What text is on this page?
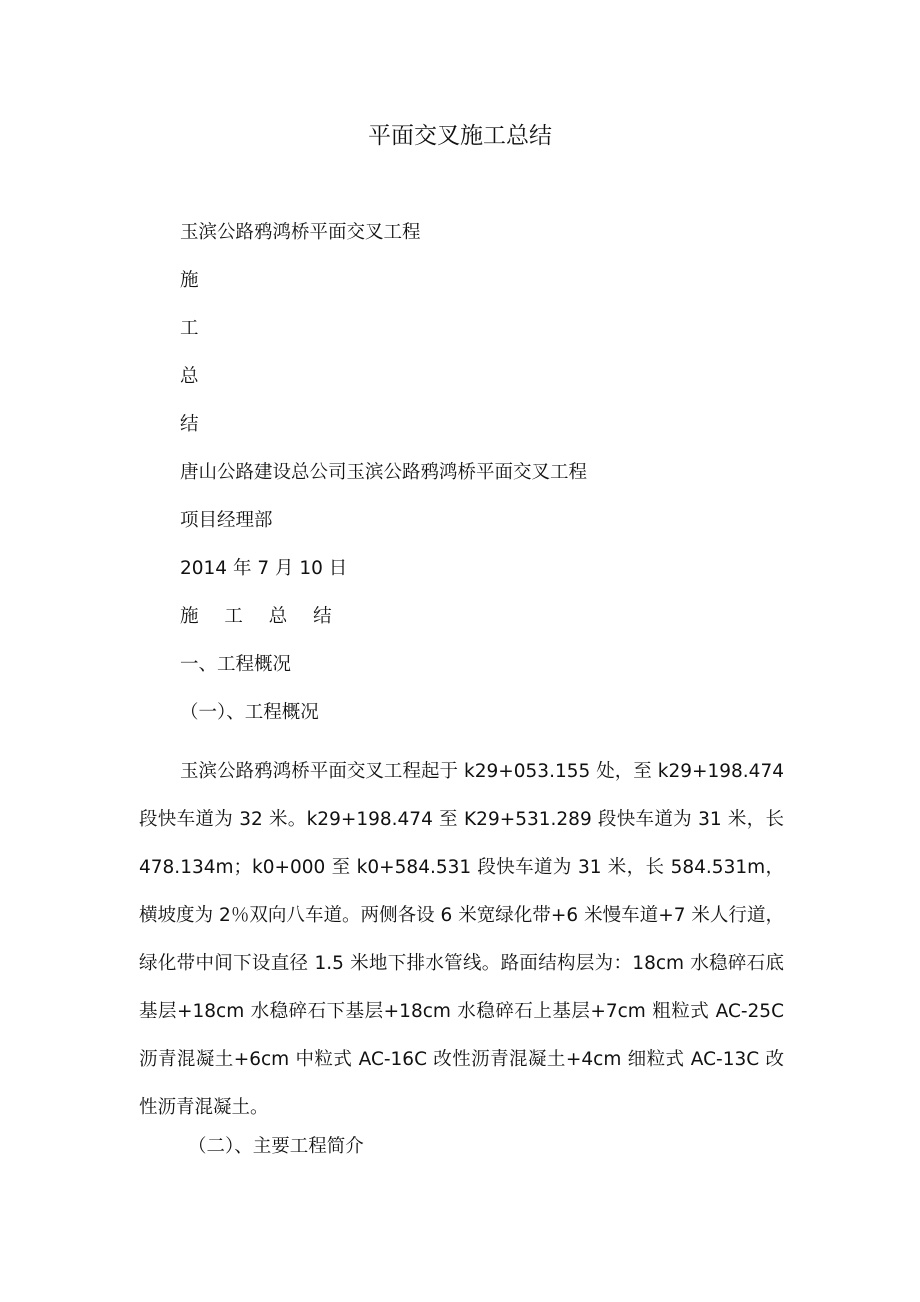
平面交叉施工总结
玉滨公路鸦鸿桥平面交叉工程
施
工
总
结
唐山公路建设总公司玉滨公路鸦鸿桥平面交叉工程
项目经理部
2014 年 7 月 10 日
施 工 总 结
一、工程概况
（一）、工程概况

玉滨公路鸦鸿桥平面交叉工程起于 k29+053.155 处，至 k29+198.474 段快车道为 32 米。k29+198.474 至 K29+531.289 段快车道为 31 米，长 478.134m；k0+000 至 k0+584.531 段快车道为 31 米，长 584.531m，横坡度为 2％双向八车道。两侧各设 6 米宽绿化带+6 米慢车道+7 米人行道，绿化带中间下设直径 1.5 米地下排水管线。路面结构层为：18cm 水稳碎石底基层+18cm 水稳碎石下基层+18cm 水稳碎石上基层+7cm 粗粒式 AC-25C 沥青混凝土+6cm 中粒式 AC-16C 改性沥青混凝土+4cm 细粒式 AC-13C 改性沥青混凝土。

（二）、主要工程简介
